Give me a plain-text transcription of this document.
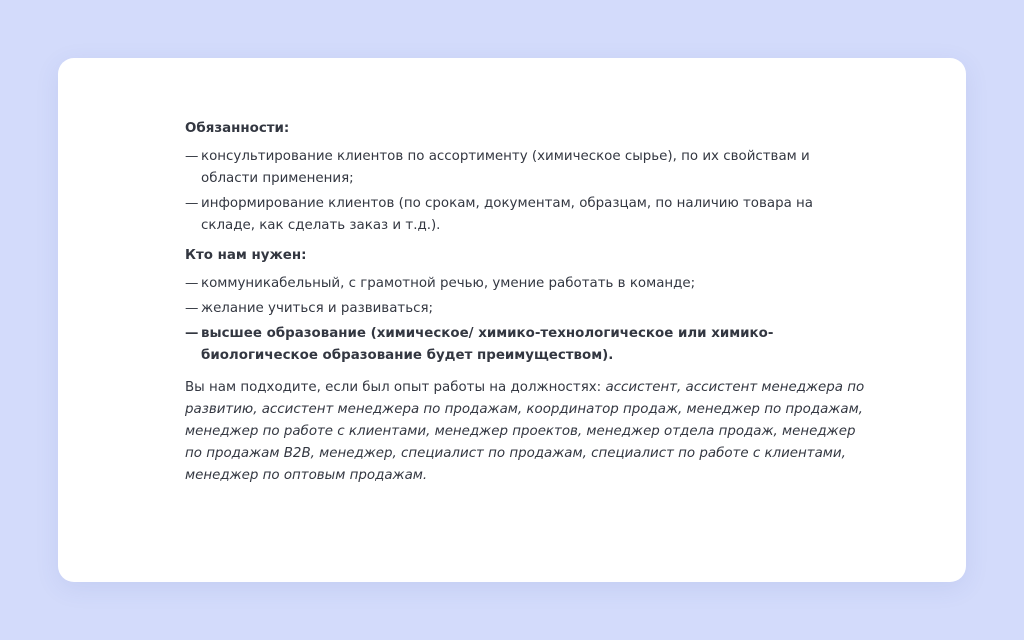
Обязанности:
— консультирование клиентов по ассортименту (химическое сырье), по их свойствам и области применения;
— информирование клиентов (по срокам, документам, образцам, по наличию товара на складе, как сделать заказ и т.д.).
Кто нам нужен:
— коммуникабельный, с грамотной речью, умение работать в команде;
— желание учиться и развиваться;
— высшее образование (химическое/ химико-технологическое или химико-биологическое образование будет преимуществом).

Вы нам подходите, если был опыт работы на должностях: ассистент, ассистент менеджера по развитию, ассистент менеджера по продажам, координатор продаж, менеджер по продажам, менеджер по работе с клиентами, менеджер проектов, менеджер отдела продаж, менеджер по продажам B2B, менеджер, специалист по продажам, специалист по работе с клиентами, менеджер по оптовым продажам.
